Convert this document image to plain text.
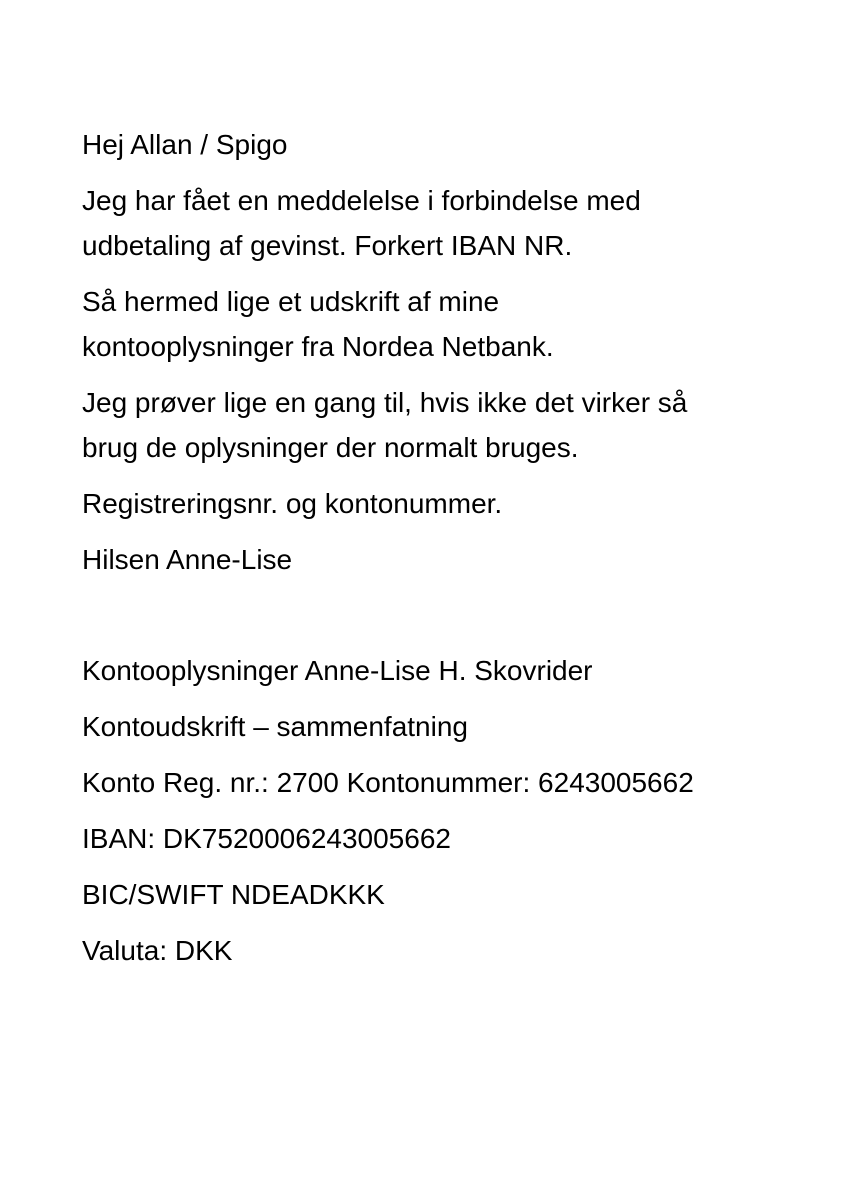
Hej Allan / Spigo

Jeg har fået en meddelelse i forbindelse med
udbetaling af gevinst. Forkert IBAN NR.

Så hermed lige et udskrift af mine
kontooplysninger fra Nordea Netbank.

Jeg prøver lige en gang til, hvis ikke det virker så
brug de oplysninger der normalt bruges.

Registreringsnr. og kontonummer.

Hilsen Anne-Lise

Kontooplysninger Anne-Lise H. Skovrider

Kontoudskrift – sammenfatning

Konto Reg. nr.: 2700 Kontonummer: 6243005662

IBAN: DK7520006243005662

BIC/SWIFT NDEADKKK

Valuta: DKK
